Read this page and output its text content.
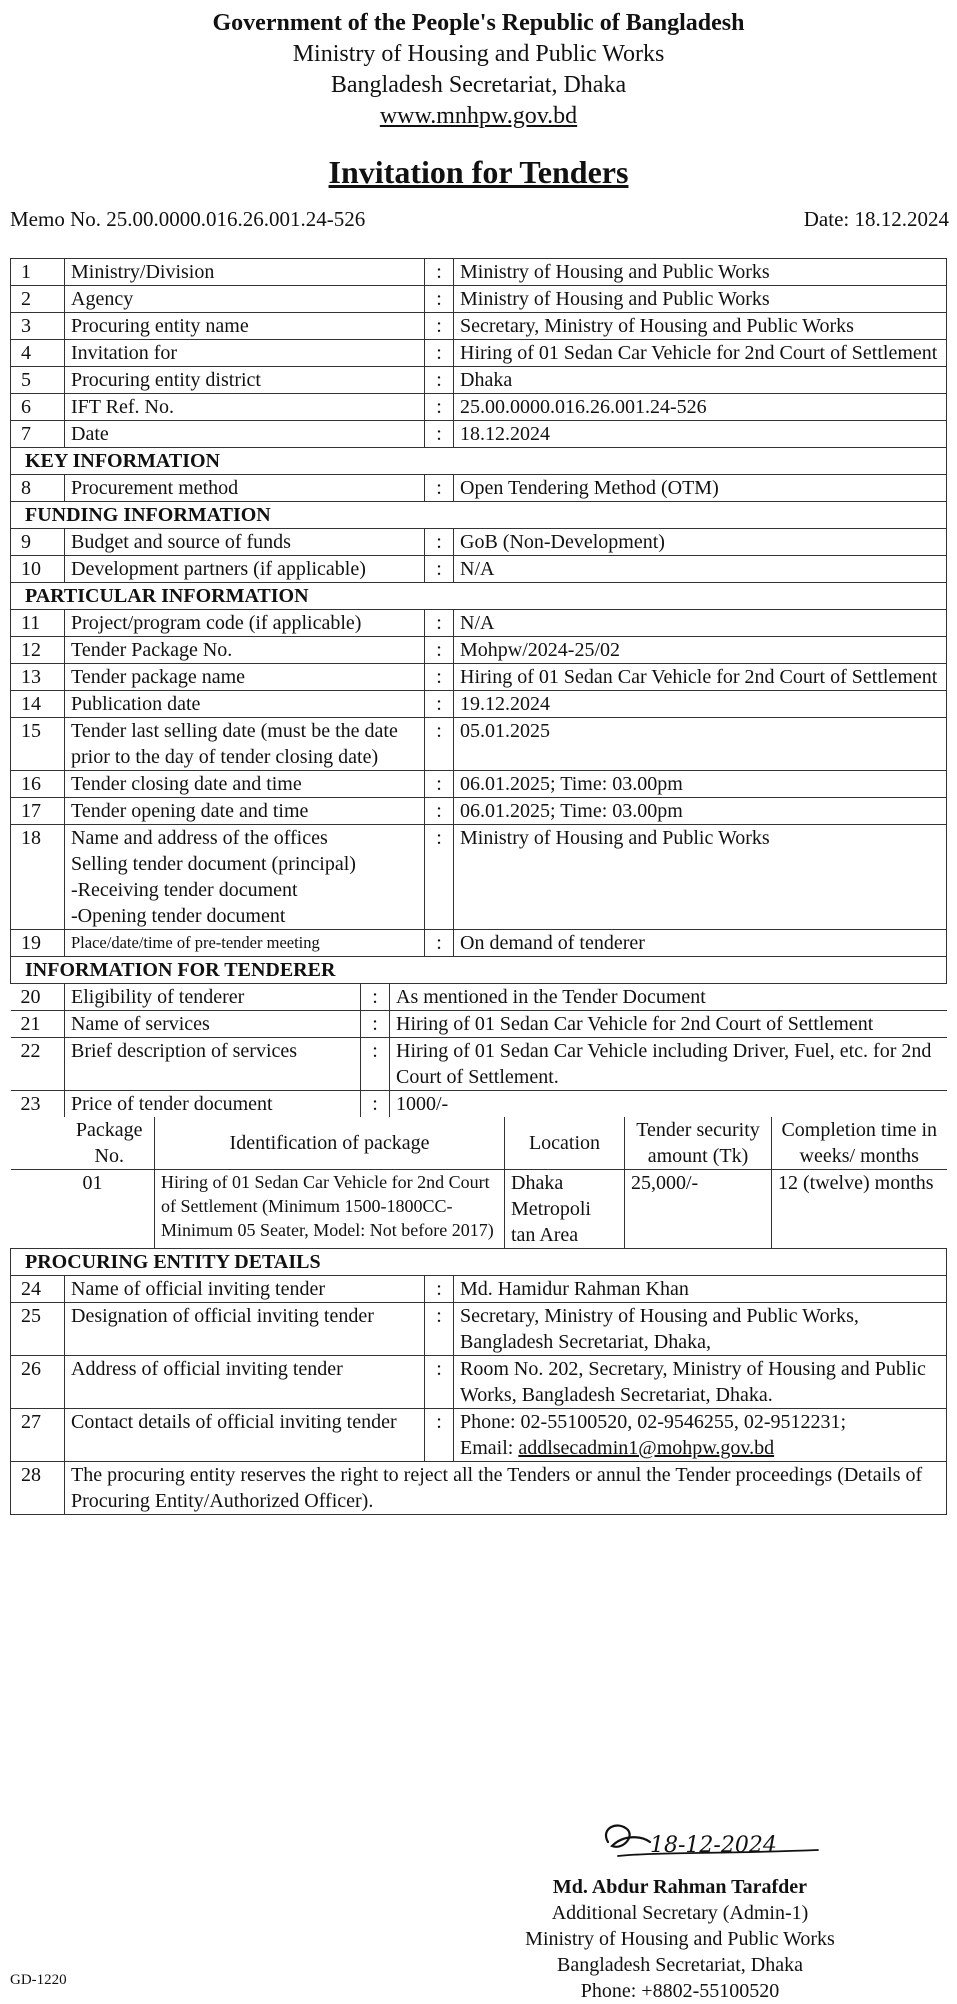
Government of the People's Republic of Bangladesh
Ministry of Housing and Public Works
Bangladesh Secretariat, Dhaka
www.mnhpw.gov.bd
Invitation for Tenders
Memo No. 25.00.0000.016.26.001.24-526	Date: 18.12.2024
1	Ministry/Division	:	Ministry of Housing and Public Works
2	Agency	:	Ministry of Housing and Public Works
3	Procuring entity name	:	Secretary, Ministry of Housing and Public Works
4	Invitation for	:	Hiring of 01 Sedan Car Vehicle for 2nd Court of Settlement
5	Procuring entity district	:	Dhaka
6	IFT Ref. No.	:	25.00.0000.016.26.001.24-526
7	Date	:	18.12.2024
KEY INFORMATION
8	Procurement method	:	Open Tendering Method (OTM)
FUNDING INFORMATION
9	Budget and source of funds	:	GoB (Non-Development)
10	Development partners (if applicable)	:	N/A
PARTICULAR INFORMATION
11	Project/program code (if applicable)	:	N/A
12	Tender Package No.	:	Mohpw/2024-25/02
13	Tender package name	:	Hiring of 01 Sedan Car Vehicle for 2nd Court of Settlement
14	Publication date	:	19.12.2024
15	Tender last selling date (must be the date prior to the day of tender closing date)	:	05.01.2025
16	Tender closing date and time	:	06.01.2025; Time: 03.00pm
17	Tender opening date and time	:	06.01.2025; Time: 03.00pm
18	Name and address of the offices
Selling tender document (principal)
-Receiving tender document
-Opening tender document
	:	Ministry of Housing and Public Works
19	Place/date/time of pre-tender meeting	:	On demand of tenderer
INFORMATION FOR TENDERER

20	Eligibility of tenderer	:	As mentioned in the Tender Document
21	Name of services	:	Hiring of 01 Sedan Car Vehicle for 2nd Court of Settlement
22	Brief description of services	:	Hiring of 01 Sedan Car Vehicle including Driver, Fuel, etc. for 2nd Court of Settlement.
23	Price of tender document	:	1000/-

	Package No.	Identification of package	Location	Tender security amount (Tk)	Completion time in weeks/ months
	01	Hiring of 01 Sedan Car Vehicle for 2nd Court of Settlement (Minimum 1500-1800CC- Minimum 05 Seater, Model: Not before 2017)	Dhaka Metropoli tan Area	25,000/-	12 (twelve) months

PROCURING ENTITY DETAILS
24	Name of official inviting tender	:	Md. Hamidur Rahman Khan
25	Designation of official inviting tender	:	Secretary, Ministry of Housing and Public Works, Bangladesh Secretariat, Dhaka,
26	Address of official inviting tender	:	Room No. 202, Secretary, Ministry of Housing and Public Works, Bangladesh Secretariat, Dhaka.
27	Contact details of official inviting tender	:	Phone: 02-55100520, 02-9546255, 02-9512231;
Email: addlsecadmin1@mohpw.gov.bd

28	The procuring entity reserves the right to reject all the Tenders or annul the Tender proceedings (Details of Procuring Entity/Authorized Officer).
18-12-2024
Md. Abdur Rahman Tarafder
Additional Secretary (Admin-1)
Ministry of Housing and Public Works
Bangladesh Secretariat, Dhaka
Phone: +8802-55100520
GD-1220
